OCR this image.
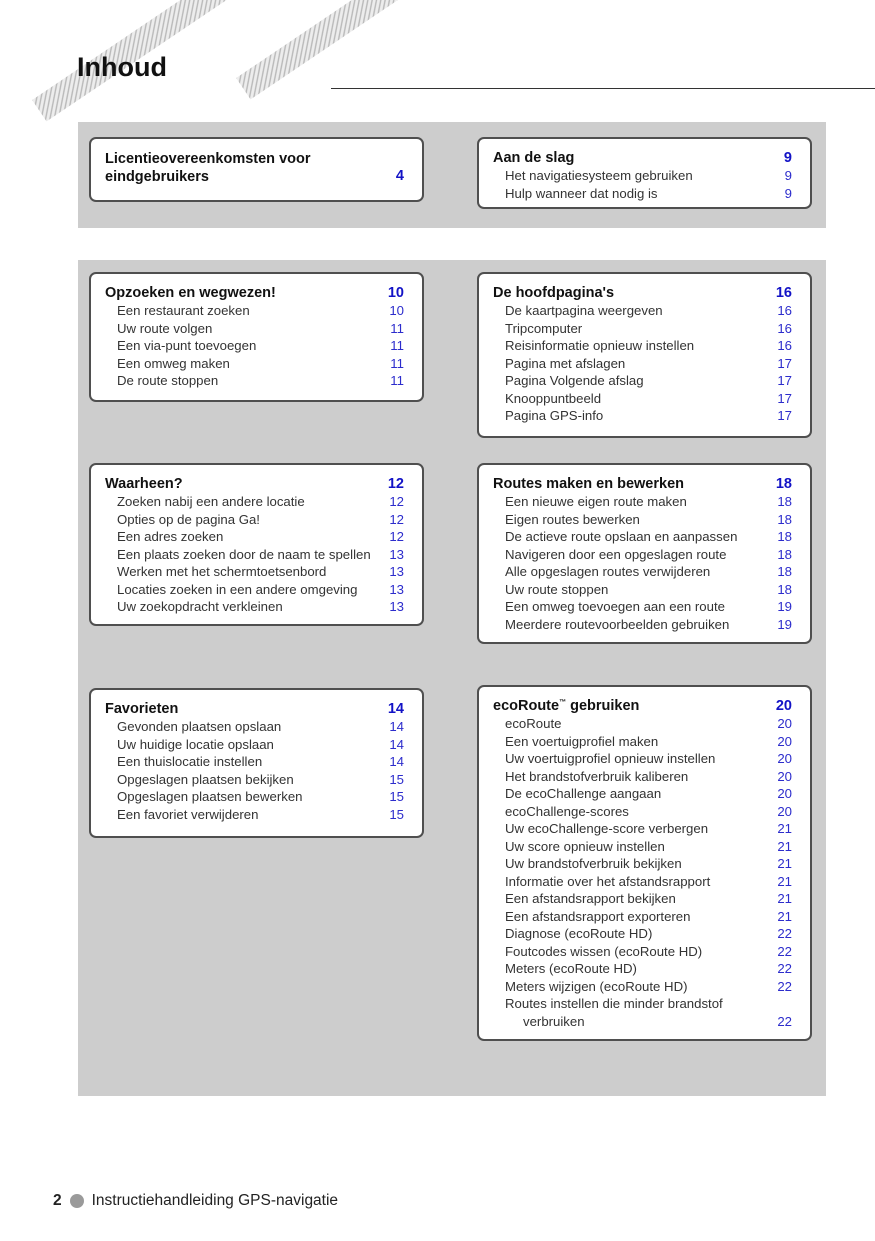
Inhoud
Licentieovereenkomsten voor eindgebruikers	4
Aan de slag	9
Het navigatiesysteem gebruiken	9
Hulp wanneer dat nodig is	9
Opzoeken en wegwezen!	10
Een restaurant zoeken	10
Uw route volgen	11
Een via-punt toevoegen	11
Een omweg maken	11
De route stoppen	11
De hoofdpagina's	16
De kaartpagina weergeven	16
Tripcomputer	16
Reisinformatie opnieuw instellen	16
Pagina met afslagen	17
Pagina Volgende afslag	17
Knooppuntbeeld	17
Pagina GPS-info	17
Waarheen?	12
Zoeken nabij een andere locatie	12
Opties op de pagina Ga!	12
Een adres zoeken	12
Een plaats zoeken door de naam te spellen 13
Werken met het schermtoetsenbord	13
Locaties zoeken in een andere omgeving 13
Uw zoekopdracht verkleinen	13
Routes maken en bewerken	18
Een nieuwe eigen route maken	18
Eigen routes bewerken	18
De actieve route opslaan en aanpassen	18
Navigeren door een opgeslagen route	18
Alle opgeslagen routes verwijderen	18
Uw route stoppen	18
Een omweg toevoegen aan een route	19
Meerdere routevoorbeelden gebruiken	19
Favorieten	14
Gevonden plaatsen opslaan	14
Uw huidige locatie opslaan	14
Een thuislocatie instellen	14
Opgeslagen plaatsen bekijken	15
Opgeslagen plaatsen bewerken	15
Een favoriet verwijderen	15
ecoRoute™ gebruiken	20
ecoRoute	20
Een voertuigprofiel maken	20
Uw voertuigprofiel opnieuw instellen	20
Het brandstofverbruik kaliberen	20
De ecoChallenge aangaan	20
ecoChallenge-scores	20
Uw ecoChallenge-score verbergen	21
Uw score opnieuw instellen	21
Uw brandstofverbruik bekijken	21
Informatie over het afstandsrapport	21
Een afstandsrapport bekijken	21
Een afstandsrapport exporteren	21
Diagnose (ecoRoute HD)	22
Foutcodes wissen (ecoRoute HD)	22
Meters (ecoRoute HD)	22
Meters wijzigen (ecoRoute HD)	22
Routes instellen die minder brandstof
verbruiken	22
2 Instructiehandleiding GPS-navigatie
